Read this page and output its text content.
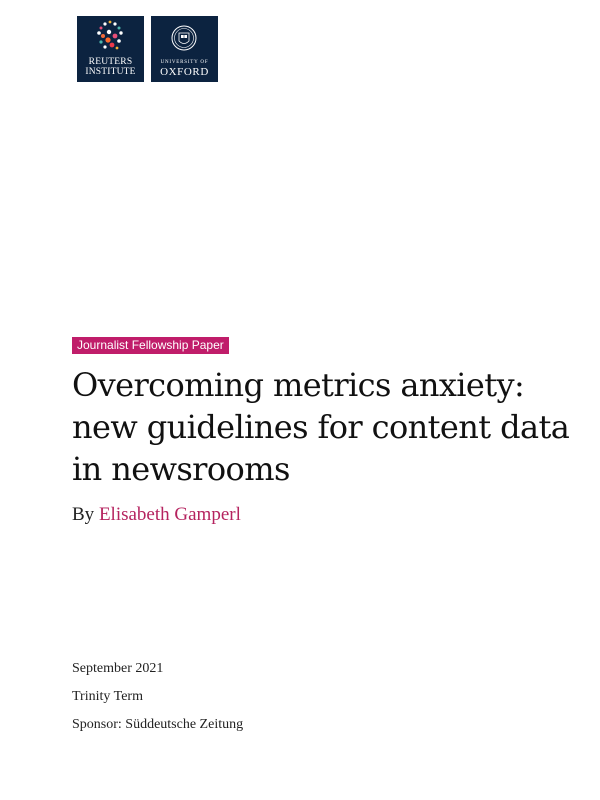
REUTERS
INSTITUTE
UNIVERSITY OF
OXFORD
Journalist Fellowship Paper
Overcoming metrics anxiety: new guidelines for content data in newsrooms
By Elisabeth Gamperl
September 2021
Trinity Term
Sponsor: Süddeutsche Zeitung
